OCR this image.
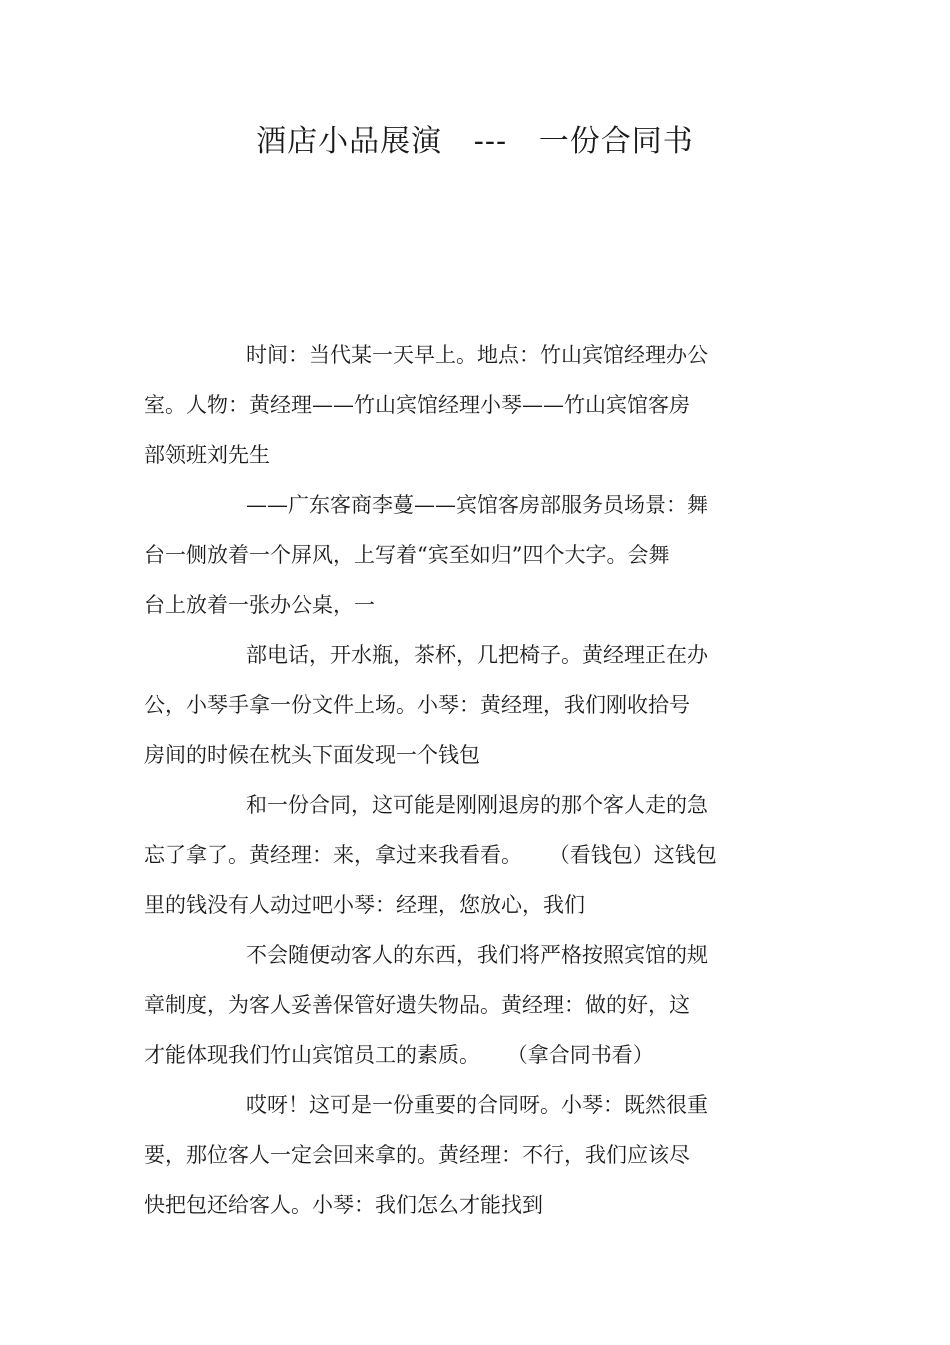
酒店小品展演   ---   一份合同书
时间：当代某一天早上。地点：竹山宾馆经理办公
室。人物：黄经理——竹山宾馆经理小琴——竹山宾馆客房
部领班刘先生
——广东客商李蔓——宾馆客房部服务员场景：舞
台一侧放着一个屏风，上写着“宾至如归”四个大字。会舞
台上放着一张办公桌，一
部电话，开水瓶，茶杯，几把椅子。黄经理正在办
公，小琴手拿一份文件上场。小琴：黄经理，我们刚收拾号
房间的时候在枕头下面发现一个钱包
和一份合同，这可能是刚刚退房的那个客人走的急
忘了拿了。黄经理：来，拿过来我看看。    （看钱包）这钱包
里的钱没有人动过吧小琴：经理，您放心，我们
不会随便动客人的东西，我们将严格按照宾馆的规
章制度，为客人妥善保管好遗失物品。黄经理：做的好，这
才能体现我们竹山宾馆员工的素质。    （拿合同书看）
哎呀！这可是一份重要的合同呀。小琴：既然很重
要，那位客人一定会回来拿的。黄经理：不行，我们应该尽
快把包还给客人。小琴：我们怎么才能找到
